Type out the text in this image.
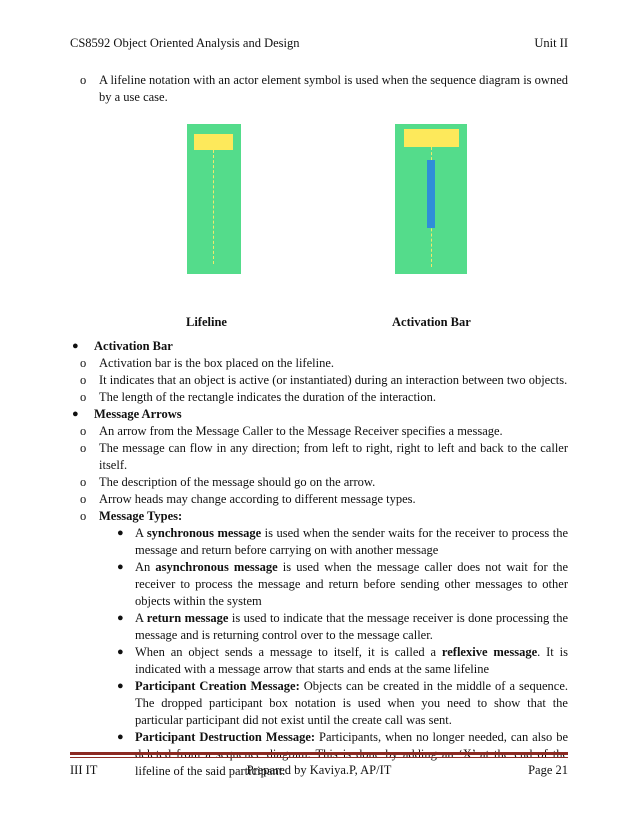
CS8592 Object Oriented Analysis and Design	Unit II

o A lifeline notation with an actor element symbol is used when the sequence diagram is owned by a use case.

Lifeline	Activation Bar

● Activation Bar

o Activation bar is the box placed on the lifeline.

o It indicates that an object is active (or instantiated) during an interaction between two objects.

o The length of the rectangle indicates the duration of the interaction.

● Message Arrows

o An arrow from the Message Caller to the Message Receiver specifies a message.

o The message can flow in any direction; from left to right, right to left and back to the caller itself.

o The description of the message should go on the arrow.

o Arrow heads may change according to different message types.

o Message Types:

● A synchronous message is used when the sender waits for the receiver to process the message and return before carrying on with another message

● An asynchronous message is used when the message caller does not wait for the receiver to process the message and return before sending other messages to other objects within the system

● A return message is used to indicate that the message receiver is done processing the message and is returning control over to the message caller.

● When an object sends a message to itself, it is called a reflexive message. It is indicated with a message arrow that starts and ends at the same lifeline

● Participant Creation Message: Objects can be created in the middle of a sequence. The dropped participant box notation is used when you need to show that the particular participant did not exist until the create call was sent.

● Participant Destruction Message: Participants, when no longer needed, can also be deleted from a sequence diagram. This is done by adding an ‘X’ at the end of the lifeline of the said participant.

III IT	Prepared by Kaviya.P, AP/IT	Page 21
